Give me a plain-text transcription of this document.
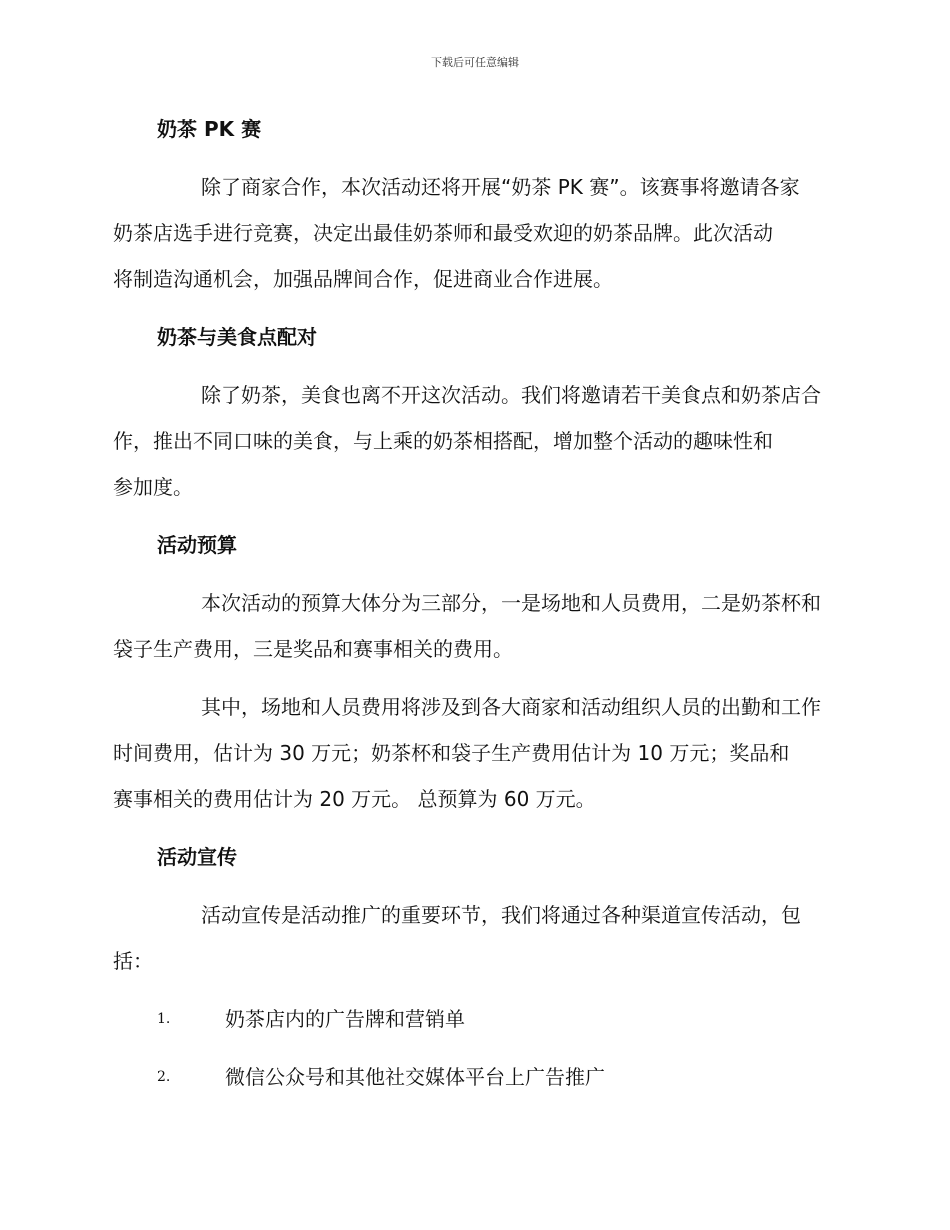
下载后可任意编辑
奶茶 PK 赛
除了商家合作，本次活动还将开展“奶茶 PK 赛”。该赛事将邀请各家
奶茶店选手进行竞赛，决定出最佳奶茶师和最受欢迎的奶茶品牌。此次活动
将制造沟通机会，加强品牌间合作，促进商业合作进展。
奶茶与美食点配对
除了奶茶，美食也离不开这次活动。我们将邀请若干美食点和奶茶店合
作，推出不同口味的美食，与上乘的奶茶相搭配，增加整个活动的趣味性和
参加度。
活动预算
本次活动的预算大体分为三部分，一是场地和人员费用，二是奶茶杯和
袋子生产费用，三是奖品和赛事相关的费用。
其中，场地和人员费用将涉及到各大商家和活动组织人员的出勤和工作
时间费用，估计为 30 万元；奶茶杯和袋子生产费用估计为 10 万元；奖品和
赛事相关的费用估计为 20 万元。 总预算为 60 万元。
活动宣传
活动宣传是活动推广的重要环节，我们将通过各种渠道宣传活动，包
括：
1.	奶茶店内的广告牌和营销单
2.	微信公众号和其他社交媒体平台上广告推广
